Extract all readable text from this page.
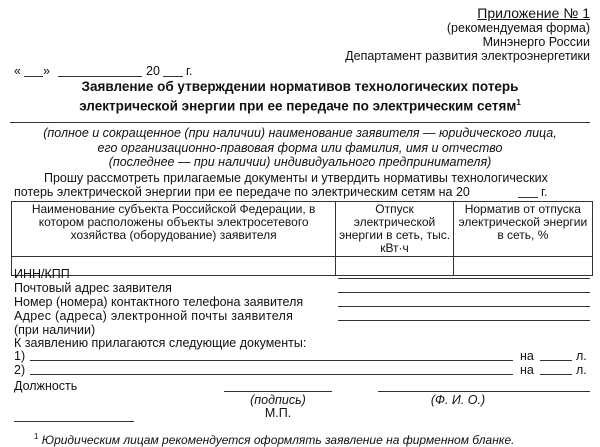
Приложение № 1
(рекомендуемая форма)
Минэнерго России
Департамент развития электроэнергетики
« »	20 г.
Заявление об утверждении нормативов технологических потерь
электрической энергии при ее передаче по электрическим сетям$^1$
(полное и сокращенное (при наличии) наименование заявителя — юридического лица,
его организационно-правовая форма или фамилия, имя и отчество
(последнее — при наличии) индивидуального предпринимателя)
Прошу рассмотреть прилагаемые документы и утвердить нормативы технологических
потерь электрической энергии при ее передаче по электрическим сетям на 20	г.
Наименование субъекта Российской Федерации, в котором расположены объекты электросетевого хозяйства (оборудование) заявителя	Отпуск электрической энергии в сеть, тыс. кВт·ч	Норматив от отпуска электрической энергии в сеть, %

ИНН/КПП
Почтовый адрес заявителя
Номер (номера) контактного телефона заявителя
Адрес (адреса) электронной почты заявителя
(при наличии)
К заявлению прилагаются следующие документы:
1)	на	л.
2)	на	л.
Должность
(подпись)	(Ф. И. О.)
М.П.
$^1$ Юридическим лицам рекомендуется оформлять заявление на фирменном бланке.
